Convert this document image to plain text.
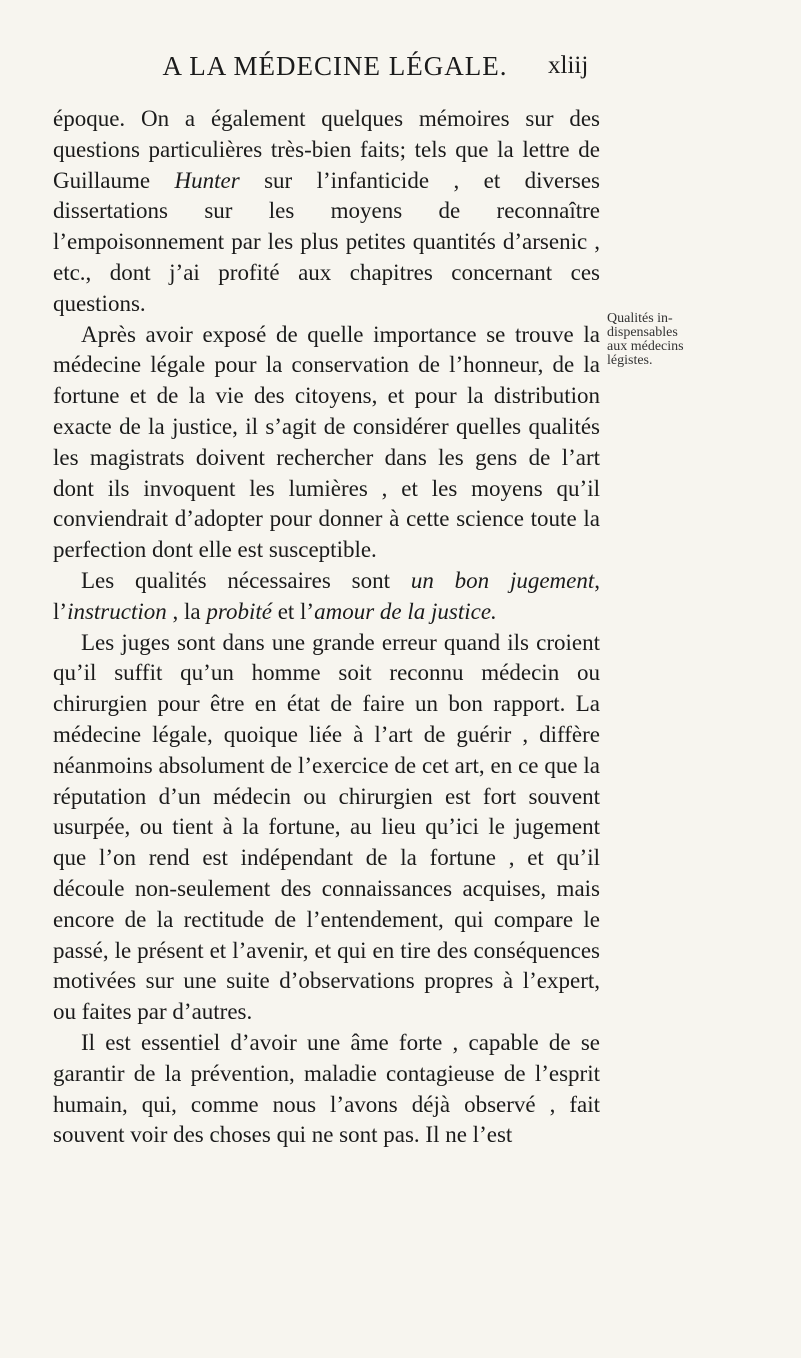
A LA MÉDECINE LÉGALE.	xliij

époque. On a également quelques mémoires sur des questions particulières très-bien faits; tels que la lettre de Guillaume Hunter sur l’infanticide , et diverses dissertations sur les moyens de reconnaître l’empoisonnement par les plus petites quantités d’arsenic , etc., dont j’ai profité aux chapitres concernant ces questions.

Après avoir exposé de quelle importance se trouve la médecine légale pour la conservation de l’honneur, de la fortune et de la vie des citoyens, et pour la distribution exacte de la justice, il s’agit de considérer quelles qualités les magistrats doivent rechercher dans les gens de l’art dont ils invoquent les lumières , et les moyens qu’il conviendrait d’adopter pour donner à cette science toute la perfection dont elle est susceptible.

Les qualités nécessaires sont un bon jugement, l’instruction , la probité et l’amour de la justice.

Les juges sont dans une grande erreur quand ils croient qu’il suffit qu’un homme soit reconnu médecin ou chirurgien pour être en état de faire un bon rapport. La médecine légale, quoique liée à l’art de guérir , diffère néanmoins absolument de l’exercice de cet art, en ce que la réputation d’un médecin ou chirurgien est fort souvent usurpée, ou tient à la fortune, au lieu qu’ici le jugement que l’on rend est indépendant de la fortune , et qu’il découle non-seulement des connaissances acquises, mais encore de la rectitude de l’entendement, qui compare le passé, le présent et l’avenir, et qui en tire des conséquences motivées sur une suite d’observations propres à l’expert, ou faites par d’autres.

Il est essentiel d’avoir une âme forte , capable de se garantir de la prévention, maladie contagieuse de l’esprit humain, qui, comme nous l’avons déjà observé , fait souvent voir des choses qui ne sont pas. Il ne l’est

Qualités in-
dispensables
aux médecins
légistes.
